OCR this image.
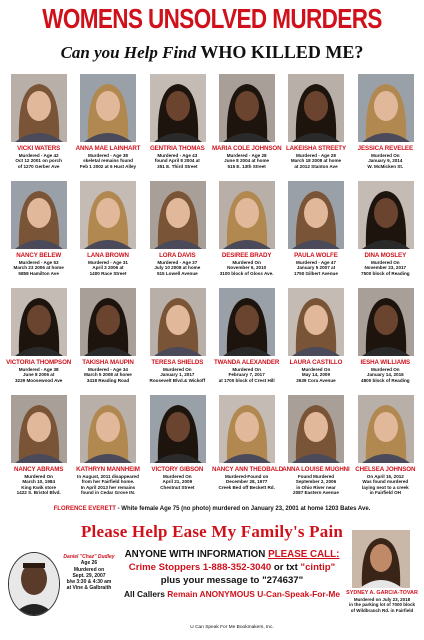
WOMENS UNSOLVED MURDERS
Can you Help Find WHO KILLED ME?
VICKI WATERS
Murdered - Age 42
Oct 12 2001 on porch
of 1270 Gerber Ave
ANNA MAE LAINHART
Murdered - Age 38
skeletal remains found
Feb 1 2002 at 6 Hust Alley
GENTRIA THOMAS
Murdered - Age 43
found April 8 2004 at
351 E. Third Street
MARIA COLE JOHNSON
Murdered - Age 28
June 8 2004 at home
515 E. 13th Street
LAKEISHA STREETY
Murdered - Age 28
March 18 2008 at home
at 2012 Stanton Ave
JESSICA REVELEE
Murdered On
January 9, 2014
W. McMicken St.
NANCY BELEW
Murdered - Age 53
March 23 2006 at home
5858 Hamilton Ave
LANA BROWN
Murdered - Age 31
April 3 2006 at
1400 Race Street
LORA DAVIS
Murdered - Age 37
July 10 2008 at home
515 Lowell Avenue
DESIREE BRADY
Murdered On
November 6, 2010
3100 block of Gloss Ave.
PAULA WOLFE
Murdered - Age 47
January 5 2007 at
1750 Gilbert Avenue
DINA MOSLEY
Murdered On
November 23, 2017
7500 block of Reading
VICTORIA THOMPSON
Murdered - Age 38
June 8 2006 at
3229 Moosewood Ave
TAKISHA MAUPIN
Murdered - Age 34
March 5 2008 at home
3418 Reading Road
TERESA SHIELDS
Murdered On
January 1, 2017
Roosevelt Blvd.& Wickoff
TWANDA ALEXANDER
Murdered On
February 7, 2017
at 1700 block of Crest Hill
LAURA CASTILLO
Murdered On
May 14, 2009
2639 Cora Avenue
IESHA WILLIAMS
Murdered On
January 14, 2016
4800 block of Reading
NANCY ABRAMS
Murdered On
March 10, 1984
King Kwik store
1422 S. Bristol Blvd.
KATHRYN MANNHEIM
In August, 2011 disappeared
from her Fairfield home.
In April 2013 her remains
found in Cedar Grove IN.
VICTORY GIBSON
Murdered On
April 21, 2009
Chestnut Street
NANCY ANN THEOBALD
Murdered-Found on
December 28, 1977
Creek Bed off Beckett Rd.
ANNA LOUISE MUGHNI
Found Murdered
September 2, 2006
in Ohio River near
2087 Eastern Avenue
CHELSEA JOHNSON
On April 15, 2012
Was found murdered
laying next to a creek
in Fairfield OH
FLORENCE EVERETT - White female Age 75 (no photo) murdered on January 23, 2001 at home 1203 Bates Ave.
Please Help Ease My Family's Pain
Daniel "Chaz" Dudley
Age 26
Murdered on
Sept. 29, 2007
b/w 3:30 & 4:30 am
at Vine & Galbraith
ANYONE WITH INFORMATION PLEASE CALL:
Crime Stoppers 1-888-352-3040 or txt "cintip"
plus your message to "274637"
All Callers Remain ANONYMOUS U-Can-Speak-For-Me
U Can Speak For Me Bookmakers, Inc.
SYDNEY A. GARCIA-TOVAR
Murdered on July 23, 2018
in the parking lot of 7000 block
of Wildbranch Rd. in Fairfield
